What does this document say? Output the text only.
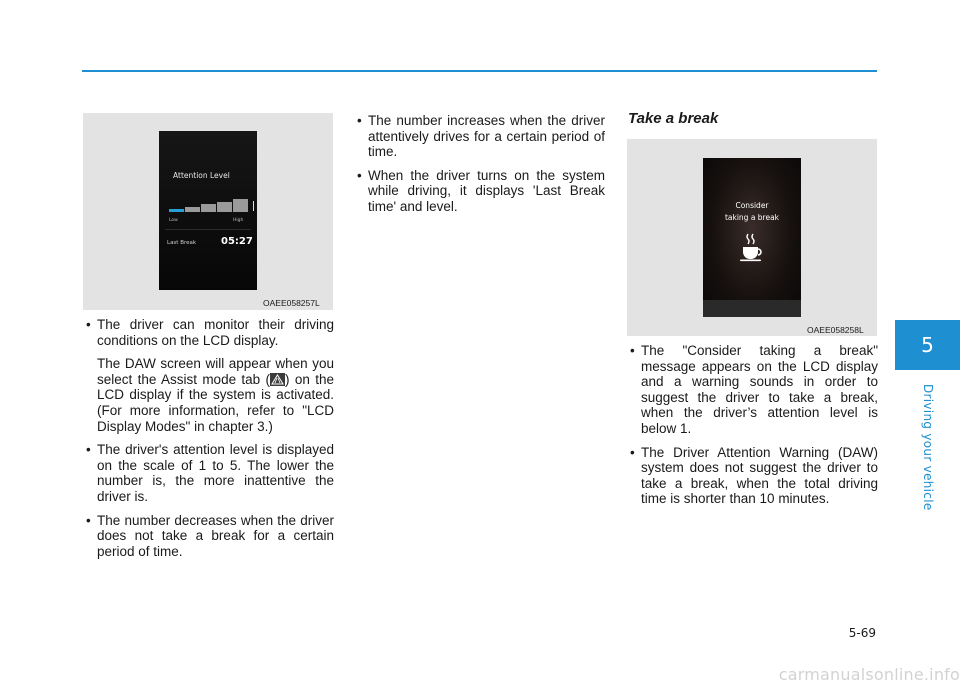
Attention Level
Low	High
Last Break 05:27
OAEE058257L
• The driver can monitor their driving conditions on the LCD display.

The DAW screen will appear when you select the Assist mode tab ( ) on the LCD display if the system is activated. (For more information, refer to "LCD Display Modes" in chapter 3.)

• The driver's attention level is displayed on the scale of 1 to 5. The lower the number is, the more inattentive the driver is.
• The number decreases when the driver does not take a break for a certain period of time.
• The number increases when the driver attentively drives for a certain period of time.
• When the driver turns on the system while driving, it displays 'Last Break time' and level.
Take a break
Consider
taking a break
OAEE058258L
• The "Consider taking a break" message appears on the LCD display and a warning sounds in order to suggest the driver to take a break, when the driver’s attention level is below 1.
• The Driver Attention Warning (DAW) system does not suggest the driver to take a break, when the total driving time is shorter than 10 minutes.
5
Driving your vehicle
5-69
carmanualsonline.info
